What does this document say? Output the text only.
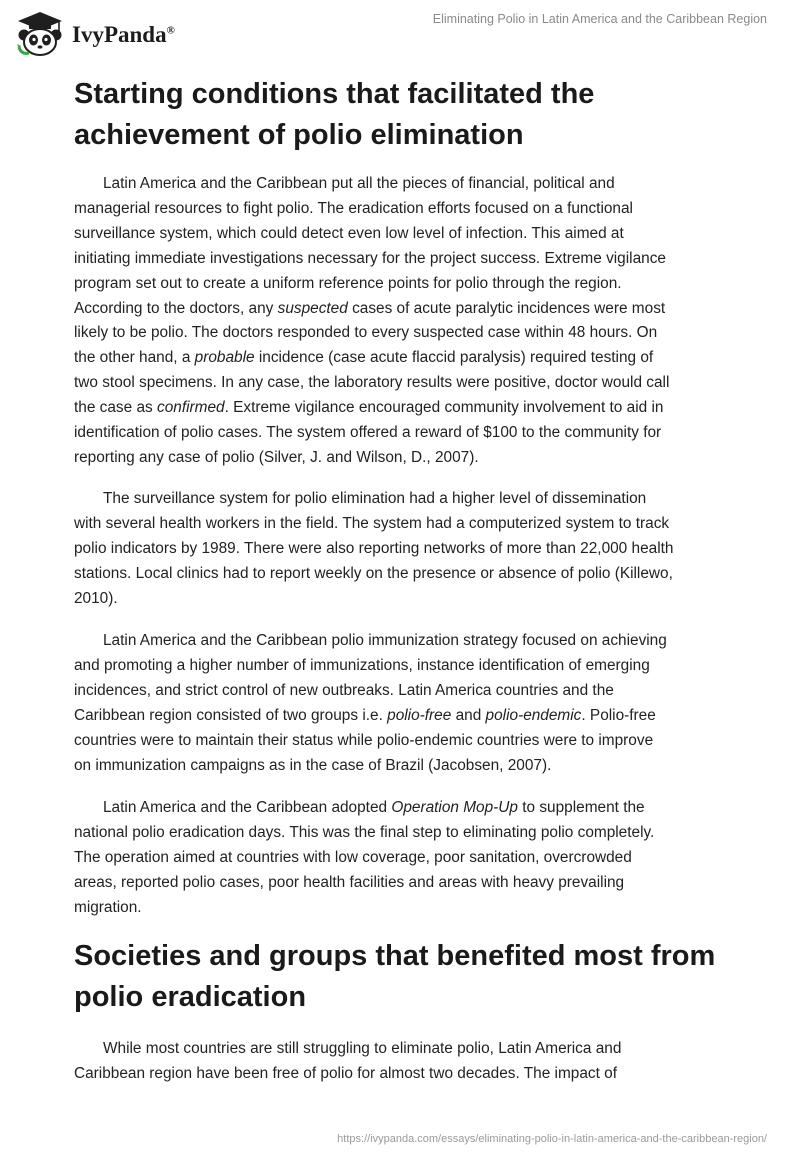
IvyPanda®
Eliminating Polio in Latin America and the Caribbean Region
Starting conditions that facilitated the
achievement of polio elimination
Latin America and the Caribbean put all the pieces of financial, political and
managerial resources to fight polio. The eradication efforts focused on a functional
surveillance system, which could detect even low level of infection. This aimed at
initiating immediate investigations necessary for the project success. Extreme vigilance
program set out to create a uniform reference points for polio through the region.
According to the doctors, any suspected cases of acute paralytic incidences were most
likely to be polio. The doctors responded to every suspected case within 48 hours. On
the other hand, a probable incidence (case acute flaccid paralysis) required testing of
two stool specimens. In any case, the laboratory results were positive, doctor would call
the case as confirmed. Extreme vigilance encouraged community involvement to aid in
identification of polio cases. The system offered a reward of $100 to the community for
reporting any case of polio (Silver, J. and Wilson, D., 2007).
The surveillance system for polio elimination had a higher level of dissemination
with several health workers in the field. The system had a computerized system to track
polio indicators by 1989. There were also reporting networks of more than 22,000 health
stations. Local clinics had to report weekly on the presence or absence of polio (Killewo,
2010).
Latin America and the Caribbean polio immunization strategy focused on achieving
and promoting a higher number of immunizations, instance identification of emerging
incidences, and strict control of new outbreaks. Latin America countries and the
Caribbean region consisted of two groups i.e. polio-free and polio-endemic. Polio-free
countries were to maintain their status while polio-endemic countries were to improve
on immunization campaigns as in the case of Brazil (Jacobsen, 2007).
Latin America and the Caribbean adopted Operation Mop-Up to supplement the
national polio eradication days. This was the final step to eliminating polio completely.
The operation aimed at countries with low coverage, poor sanitation, overcrowded
areas, reported polio cases, poor health facilities and areas with heavy prevailing
migration.
Societies and groups that benefited most from
polio eradication
While most countries are still struggling to eliminate polio, Latin America and
Caribbean region have been free of polio for almost two decades. The impact of
https://ivypanda.com/essays/eliminating-polio-in-latin-america-and-the-caribbean-region/
